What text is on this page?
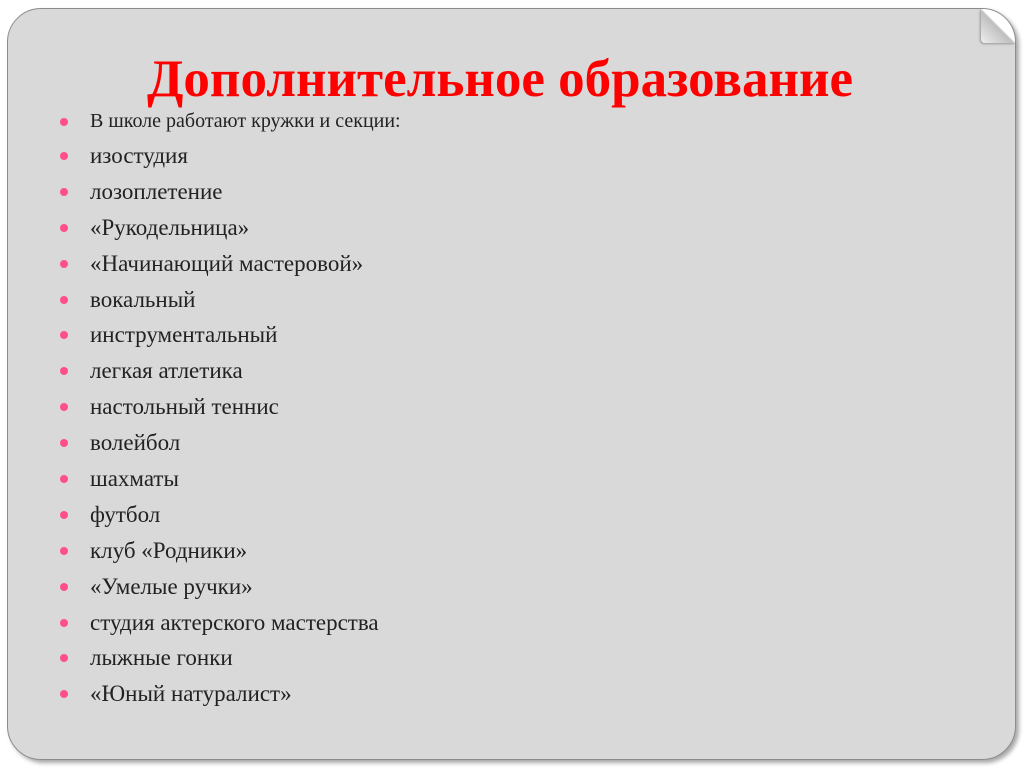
Дополнительное образование
В школе работают кружки и секции:
изостудия
лозоплетение
«Рукодельница»
«Начинающий мастеровой»
вокальный
инструментальный
легкая атлетика
настольный теннис
волейбол
шахматы
футбол
клуб «Родники»
«Умелые ручки»
студия актерского мастерства
лыжные гонки
«Юный натуралист»
